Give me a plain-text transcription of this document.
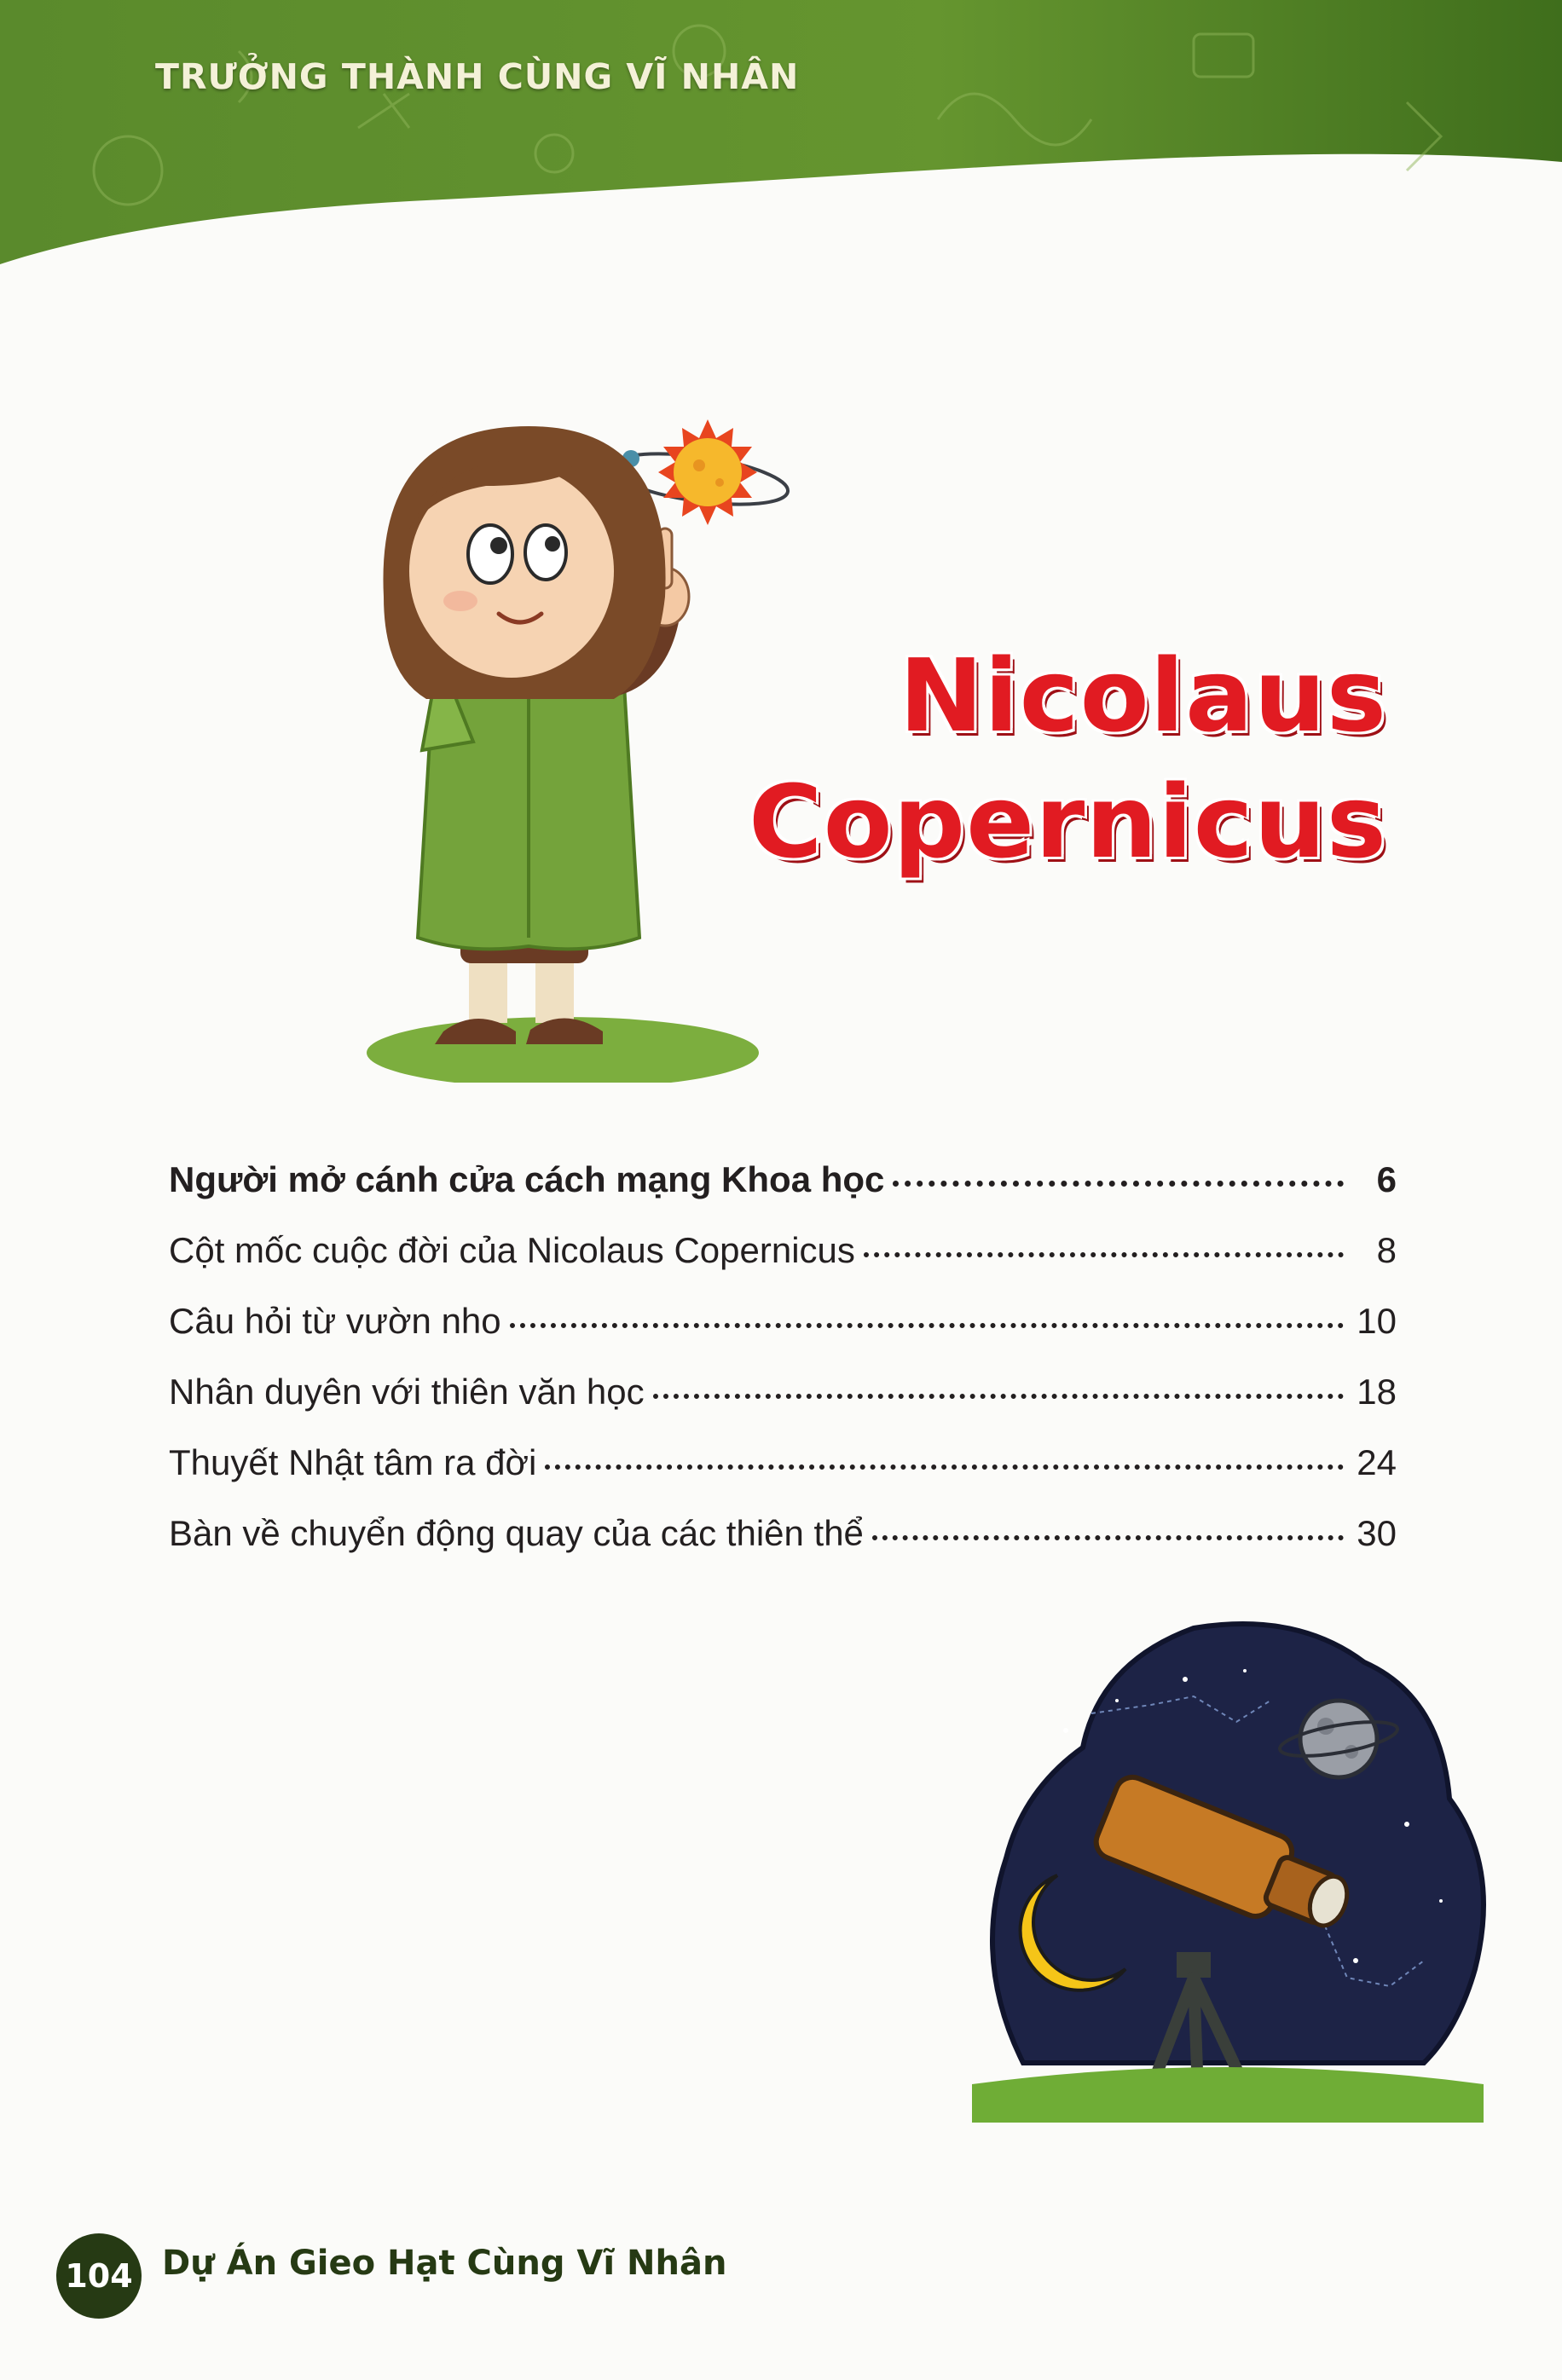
TRƯỞNG THÀNH CÙNG VĨ NHÂN
Nicolaus
Copernicus
Người mở cánh cửa cách mạng Khoa học	6
Cột mốc cuộc đời của Nicolaus Copernicus	8
Câu hỏi từ vườn nho	10
Nhân duyên với thiên văn học	18
Thuyết Nhật tâm ra đời	24
Bàn về chuyển động quay của các thiên thể	30
104 Dự Án Gieo Hạt Cùng Vĩ Nhân
